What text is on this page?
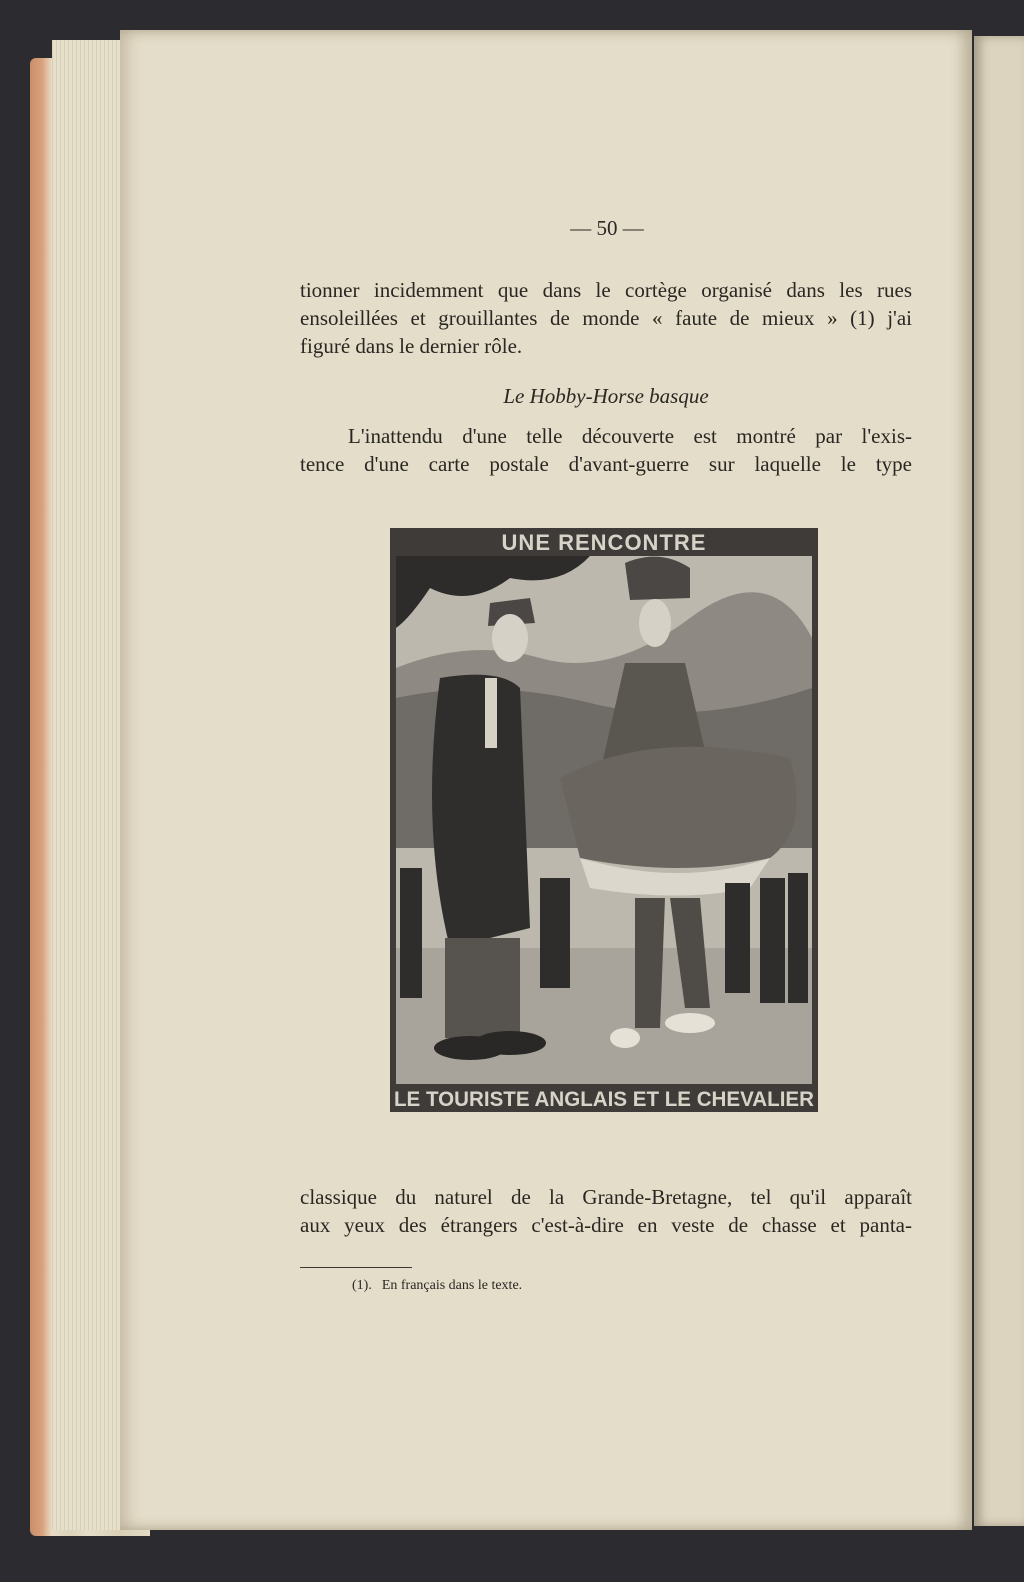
— 50 —
tionner incidemment que dans le cortège organisé dans les rues
ensoleillées et grouillantes de monde « faute de mieux » (1) j'ai
figuré dans le dernier rôle.
Le Hobby-Horse basque
L'inattendu d'une telle découverte est montré par l'exis-
tence d'une carte postale d'avant-guerre sur laquelle le type
UNE RENCONTRE
LE TOURISTE ANGLAIS ET LE CHEVALIER
classique du naturel de la Grande-Bretagne, tel qu'il apparaît
aux yeux des étrangers c'est-à-dire en veste de chasse et panta-
(1). En français dans le texte.
